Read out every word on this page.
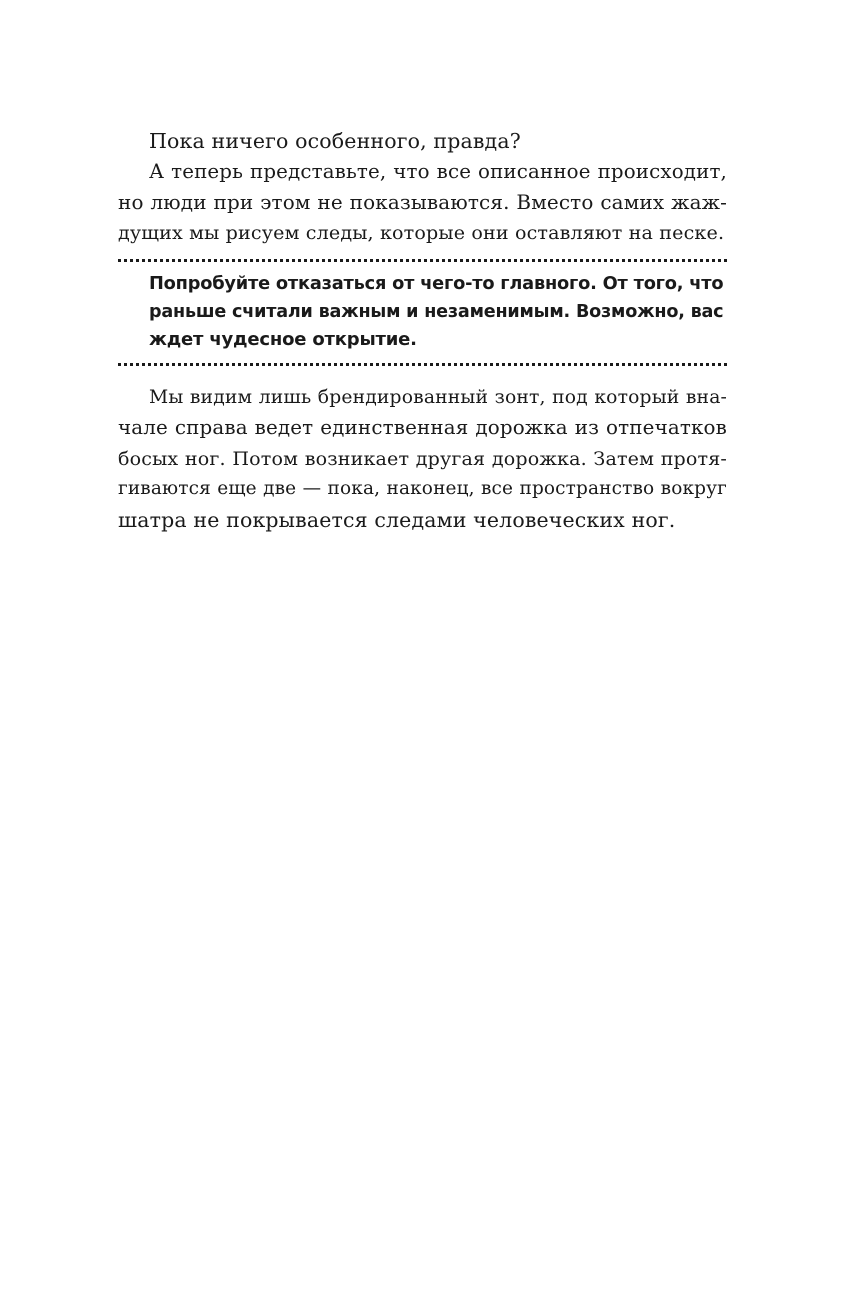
Пока ничего особенного, правда?
А теперь представьте, что все описанное происходит,
но люди при этом не показываются. Вместо самих жаж-
дущих мы рисуем следы, которые они оставляют на песке.
Попробуйте отказаться от чего-то главного. От того, что
раньше считали важным и незаменимым. Возможно, вас
ждет чудесное открытие.
Мы видим лишь брендированный зонт, под который вна-
чале справа ведет единственная дорожка из отпечатков
босых ног. Потом возникает другая дорожка. Затем протя-
гиваются еще две — пока, наконец, все пространство вокруг
шатра не покрывается следами человеческих ног.
